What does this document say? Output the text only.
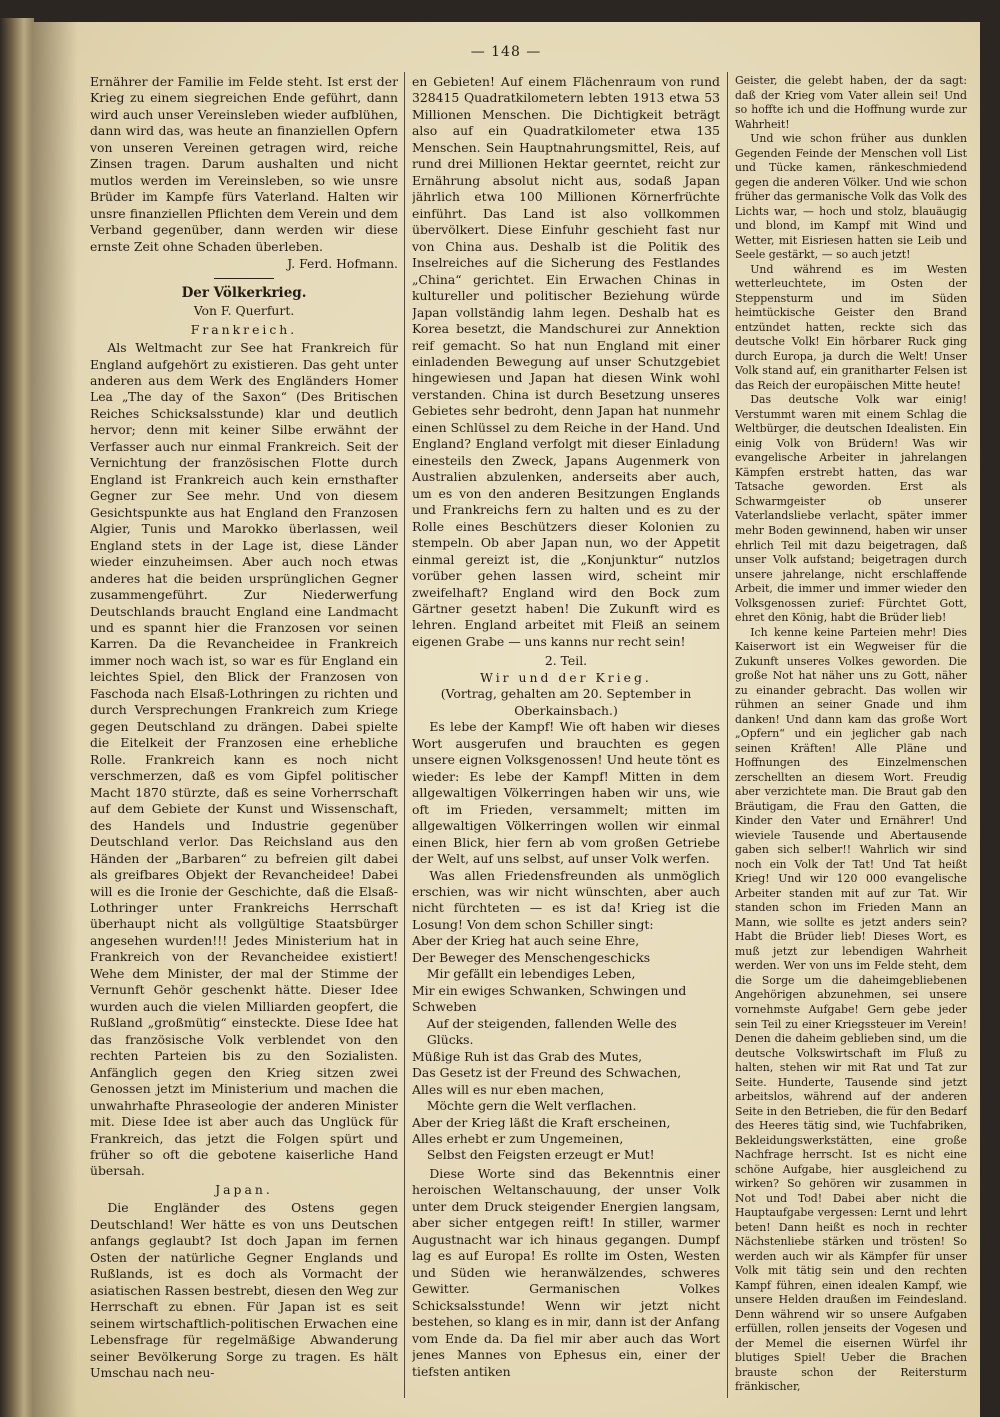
— 148 —

Ernährer der Familie im Felde steht. Ist erst der Krieg zu einem siegreichen Ende geführt, dann wird auch unser Vereinsleben wieder aufblühen, dann wird das, was heute an finanziellen Opfern von unseren Vereinen getragen wird, reiche Zinsen tragen. Darum aushalten und nicht mutlos werden im Vereinsleben, so wie unsre Brüder im Kampfe fürs Vaterland. Halten wir unsre finanziellen Pflichten dem Verein und dem Verband gegenüber, dann werden wir diese ernste Zeit ohne Schaden überleben.

J. Ferd. Hofmann.
Der Völkerkrieg.
Von F. Querfurt.
Frankreich.

Als Weltmacht zur See hat Frankreich für England aufgehört zu existieren. Das geht unter anderen aus dem Werk des Engländers Homer Lea „The day of the Saxon“ (Des Britischen Reiches Schicksalsstunde) klar und deutlich hervor; denn mit keiner Silbe erwähnt der Verfasser auch nur einmal Frankreich. Seit der Vernichtung der französischen Flotte durch England ist Frankreich auch kein ernsthafter Gegner zur See mehr. Und von diesem Gesichtspunkte aus hat England den Franzosen Algier, Tunis und Marokko überlassen, weil England stets in der Lage ist, diese Länder wieder einzuheimsen. Aber auch noch etwas anderes hat die beiden ursprünglichen Gegner zusammengeführt. Zur Niederwerfung Deutschlands braucht England eine Landmacht und es spannt hier die Franzosen vor seinen Karren. Da die Revancheidee in Frankreich immer noch wach ist, so war es für England ein leichtes Spiel, den Blick der Franzosen von Faschoda nach Elsaß-Lothringen zu richten und durch Versprechungen Frankreich zum Kriege gegen Deutschland zu drängen. Dabei spielte die Eitelkeit der Franzosen eine erhebliche Rolle. Frankreich kann es noch nicht verschmerzen, daß es vom Gipfel politischer Macht 1870 stürzte, daß es seine Vorherrschaft auf dem Gebiete der Kunst und Wissenschaft, des Handels und Industrie gegenüber Deutschland verlor. Das Reichsland aus den Händen der „Barbaren“ zu befreien gilt dabei als greifbares Objekt der Revancheidee! Dabei will es die Ironie der Geschichte, daß die Elsaß-Lothringer unter Frankreichs Herrschaft überhaupt nicht als vollgültige Staatsbürger angesehen wurden!!! Jedes Ministerium hat in Frankreich von der Revancheidee existiert! Wehe dem Minister, der mal der Stimme der Vernunft Gehör geschenkt hätte. Dieser Idee wurden auch die vielen Milliarden geopfert, die Rußland „großmütig“ einsteckte. Diese Idee hat das französische Volk verblendet von den rechten Parteien bis zu den Sozialisten. Anfänglich gegen den Krieg sitzen zwei Genossen jetzt im Ministerium und machen die unwahrhafte Phraseologie der anderen Minister mit. Diese Idee ist aber auch das Unglück für Frankreich, das jetzt die Folgen spürt und früher so oft die gebotene kaiserliche Hand übersah.

Japan.

Die Engländer des Ostens gegen Deutschland! Wer hätte es von uns Deutschen anfangs geglaubt? Ist doch Japan im fernen Osten der natürliche Gegner Englands und Rußlands, ist es doch als Vormacht der asiatischen Rassen bestrebt, diesen den Weg zur Herrschaft zu ebnen. Für Japan ist es seit seinem wirtschaftlich-politischen Erwachen eine Lebensfrage für regelmäßige Abwanderung seiner Bevölkerung Sorge zu tragen. Es hält Umschau nach neu-

en Gebieten! Auf einem Flächenraum von rund 328415 Quadratkilometern lebten 1913 etwa 53 Millionen Menschen. Die Dichtigkeit beträgt also auf ein Quadratkilometer etwa 135 Menschen. Sein Hauptnahrungsmittel, Reis, auf rund drei Millionen Hektar geerntet, reicht zur Ernährung absolut nicht aus, sodaß Japan jährlich etwa 100 Millionen Körnerfrüchte einführt. Das Land ist also vollkommen übervölkert. Diese Einfuhr geschieht fast nur von China aus. Deshalb ist die Politik des Inselreiches auf die Sicherung des Festlandes „China“ gerichtet. Ein Erwachen Chinas in kultureller und politischer Beziehung würde Japan vollständig lahm legen. Deshalb hat es Korea besetzt, die Mandschurei zur Annektion reif gemacht. So hat nun England mit einer einladenden Bewegung auf unser Schutzgebiet hingewiesen und Japan hat diesen Wink wohl verstanden. China ist durch Besetzung unseres Gebietes sehr bedroht, denn Japan hat nunmehr einen Schlüssel zu dem Reiche in der Hand. Und England? England verfolgt mit dieser Einladung einesteils den Zweck, Japans Augenmerk von Australien abzulenken, anderseits aber auch, um es von den anderen Besitzungen Englands und Frankreichs fern zu halten und es zu der Rolle eines Beschützers dieser Kolonien zu stempeln. Ob aber Japan nun, wo der Appetit einmal gereizt ist, die „Konjunktur“ nutzlos vorüber gehen lassen wird, scheint mir zweifelhaft? England wird den Bock zum Gärtner gesetzt haben! Die Zukunft wird es lehren. England arbeitet mit Fleiß an seinem eigenen Grabe — uns kanns nur recht sein!

2. Teil.
Wir und der Krieg.
(Vortrag, gehalten am 20. September in Oberkainsbach.)

Es lebe der Kampf! Wie oft haben wir dieses Wort ausgerufen und brauchten es gegen unsere eignen Volksgenossen! Und heute tönt es wieder: Es lebe der Kampf! Mitten in dem allgewaltigen Völkerringen haben wir uns, wie oft im Frieden, versammelt; mitten im allgewaltigen Völkerringen wollen wir einmal einen Blick, hier fern ab vom großen Getriebe der Welt, auf uns selbst, auf unser Volk werfen.

Was allen Friedensfreunden als unmöglich erschien, was wir nicht wünschten, aber auch nicht fürchteten — es ist da! Krieg ist die Losung! Von dem schon Schiller singt:

Aber der Krieg hat auch seine Ehre,

Der Beweger des Menschengeschicks

Mir gefällt ein lebendiges Leben,

Mir ein ewiges Schwanken, Schwingen und Schweben

Auf der steigenden, fallenden Welle des Glücks.

Müßige Ruh ist das Grab des Mutes,

Das Gesetz ist der Freund des Schwachen,

Alles will es nur eben machen,

Möchte gern die Welt verflachen.

Aber der Krieg läßt die Kraft erscheinen,

Alles erhebt er zum Ungemeinen,

Selbst den Feigsten erzeugt er Mut!

Diese Worte sind das Bekenntnis einer heroischen Weltanschauung, der unser Volk unter dem Druck steigender Energien langsam, aber sicher entgegen reift! In stiller, warmer Augustnacht war ich hinaus gegangen. Dumpf lag es auf Europa! Es rollte im Osten, Westen und Süden wie heranwälzendes, schweres Gewitter. Germanischen Volkes Schicksalsstunde! Wenn wir jetzt nicht bestehen, so klang es in mir, dann ist der Anfang vom Ende da. Da fiel mir aber auch das Wort jenes Mannes von Ephesus ein, einer der tiefsten antiken

Geister, die gelebt haben, der da sagt: daß der Krieg vom Vater allein sei! Und so hoffte ich und die Hoffnung wurde zur Wahrheit!

Und wie schon früher aus dunklen Gegenden Feinde der Menschen voll List und Tücke kamen, ränkeschmiedend gegen die anderen Völker. Und wie schon früher das germanische Volk das Volk des Lichts war, — hoch und stolz, blauäugig und blond, im Kampf mit Wind und Wetter, mit Eisriesen hatten sie Leib und Seele gestärkt, — so auch jetzt!

Und während es im Westen wetterleuchtete, im Osten der Steppensturm und im Süden heimtückische Geister den Brand entzündet hatten, reckte sich das deutsche Volk! Ein hörbarer Ruck ging durch Europa, ja durch die Welt! Unser Volk stand auf, ein granitharter Felsen ist das Reich der europäischen Mitte heute!

Das deutsche Volk war einig! Verstummt waren mit einem Schlag die Weltbürger, die deutschen Idealisten. Ein einig Volk von Brüdern! Was wir evangelische Arbeiter in jahrelangen Kämpfen erstrebt hatten, das war Tatsache geworden. Erst als Schwarmgeister ob unserer Vaterlandsliebe verlacht, später immer mehr Boden gewinnend, haben wir unser ehrlich Teil mit dazu beigetragen, daß unser Volk aufstand; beigetragen durch unsere jahrelange, nicht erschlaffende Arbeit, die immer und immer wieder den Volksgenossen zurief: Fürchtet Gott, ehret den König, habt die Brüder lieb!

Ich kenne keine Parteien mehr! Dies Kaiserwort ist ein Wegweiser für die Zukunft unseres Volkes geworden. Die große Not hat näher uns zu Gott, näher zu einander gebracht. Das wollen wir rühmen an seiner Gnade und ihm danken! Und dann kam das große Wort „Opfern“ und ein jeglicher gab nach seinen Kräften! Alle Pläne und Hoffnungen des Einzelmenschen zerschellten an diesem Wort. Freudig aber verzichtete man. Die Braut gab den Bräutigam, die Frau den Gatten, die Kinder den Vater und Ernährer! Und wieviele Tausende und Abertausende gaben sich selber!! Wahrlich wir sind noch ein Volk der Tat! Und Tat heißt Krieg! Und wir 120 000 evangelische Arbeiter standen mit auf zur Tat. Wir standen schon im Frieden Mann an Mann, wie sollte es jetzt anders sein? Habt die Brüder lieb! Dieses Wort, es muß jetzt zur lebendigen Wahrheit werden. Wer von uns im Felde steht, dem die Sorge um die daheimgebliebenen Angehörigen abzunehmen, sei unsere vornehmste Aufgabe! Gern gebe jeder sein Teil zu einer Kriegssteuer im Verein! Denen die daheim geblieben sind, um die deutsche Volkswirtschaft im Fluß zu halten, stehen wir mit Rat und Tat zur Seite. Hunderte, Tausende sind jetzt arbeitslos, während auf der anderen Seite in den Betrieben, die für den Bedarf des Heeres tätig sind, wie Tuchfabriken, Bekleidungswerkstätten, eine große Nachfrage herrscht. Ist es nicht eine schöne Aufgabe, hier ausgleichend zu wirken? So gehören wir zusammen in Not und Tod! Dabei aber nicht die Hauptaufgabe vergessen: Lernt und lehrt beten! Dann heißt es noch in rechter Nächstenliebe stärken und trösten! So werden auch wir als Kämpfer für unser Volk mit tätig sein und den rechten Kampf führen, einen idealen Kampf, wie unsere Helden draußen im Feindesland. Denn während wir so unsere Aufgaben erfüllen, rollen jenseits der Vogesen und der Memel die eisernen Würfel ihr blutiges Spiel! Ueber die Brachen brauste schon der Reitersturm fränkischer,
